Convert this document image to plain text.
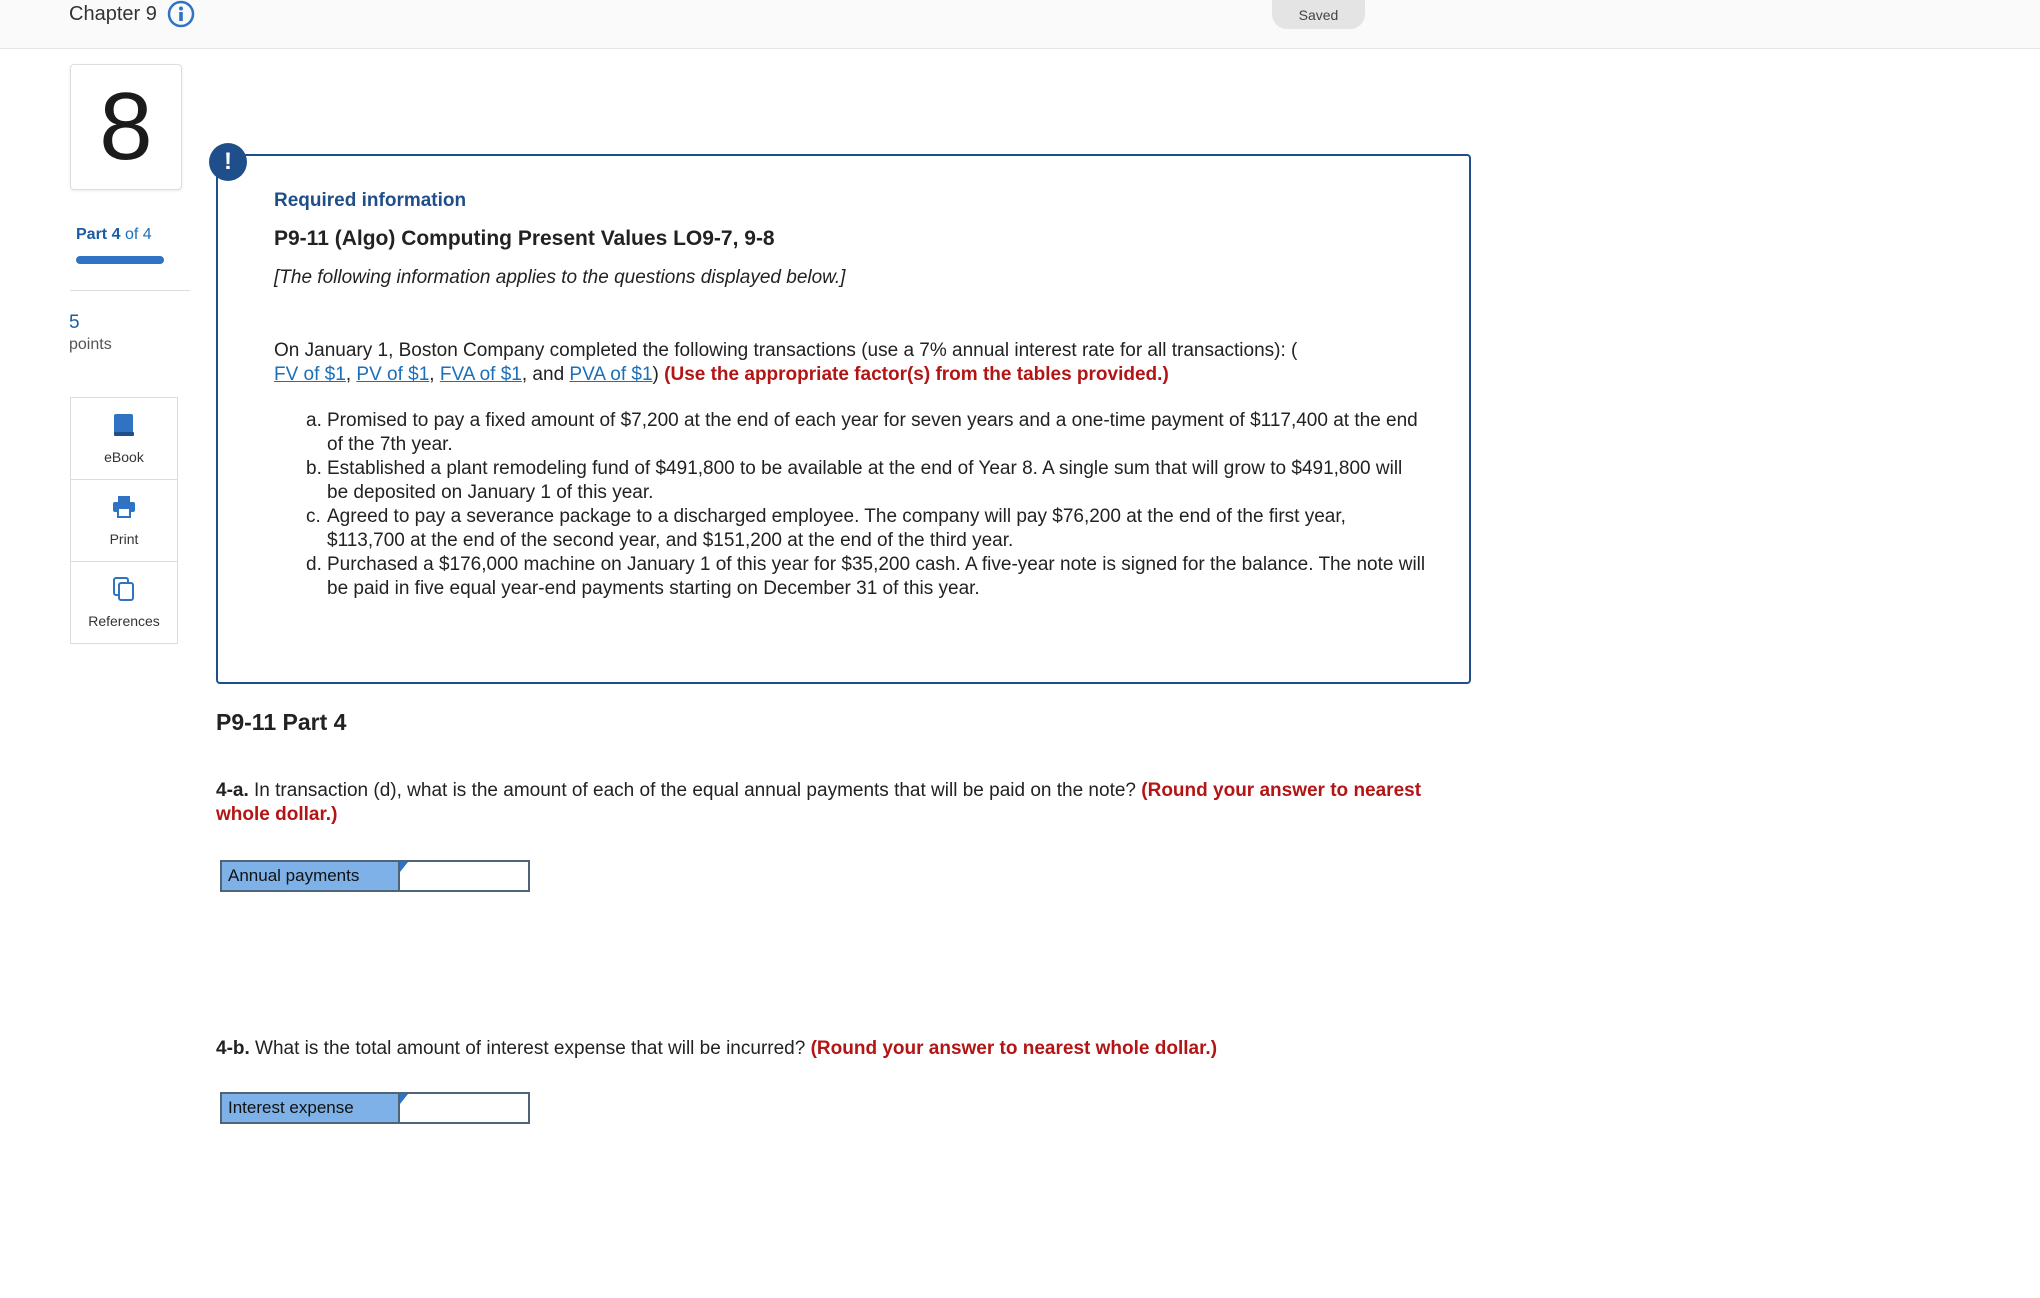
Chapter 9	Saved
8
Part 4 of 4
5
points
eBook
Print
References
!
Required information
P9-11 (Algo) Computing Present Values LO9-7, 9-8
[The following information applies to the questions displayed below.]
On January 1, Boston Company completed the following transactions (use a 7% annual interest rate for all transactions): (
FV of $1, PV of $1, FVA of $1, and PVA of $1) (Use the appropriate factor(s) from the tables provided.)
a. Promised to pay a fixed amount of $7,200 at the end of each year for seven years and a one-time payment of $117,400 at the end of the 7th year.
b. Established a plant remodeling fund of $491,800 to be available at the end of Year 8. A single sum that will grow to $491,800 will be deposited on January 1 of this year.
c. Agreed to pay a severance package to a discharged employee. The company will pay $76,200 at the end of the first year, $113,700 at the end of the second year, and $151,200 at the end of the third year.
d. Purchased a $176,000 machine on January 1 of this year for $35,200 cash. A five-year note is signed for the balance. The note will be paid in five equal year-end payments starting on December 31 of this year.
P9-11 Part 4
4-a. In transaction (d), what is the amount of each of the equal annual payments that will be paid on the note? (Round your answer to nearest whole dollar.)
Annual payments
4-b. What is the total amount of interest expense that will be incurred? (Round your answer to nearest whole dollar.)
Interest expense
